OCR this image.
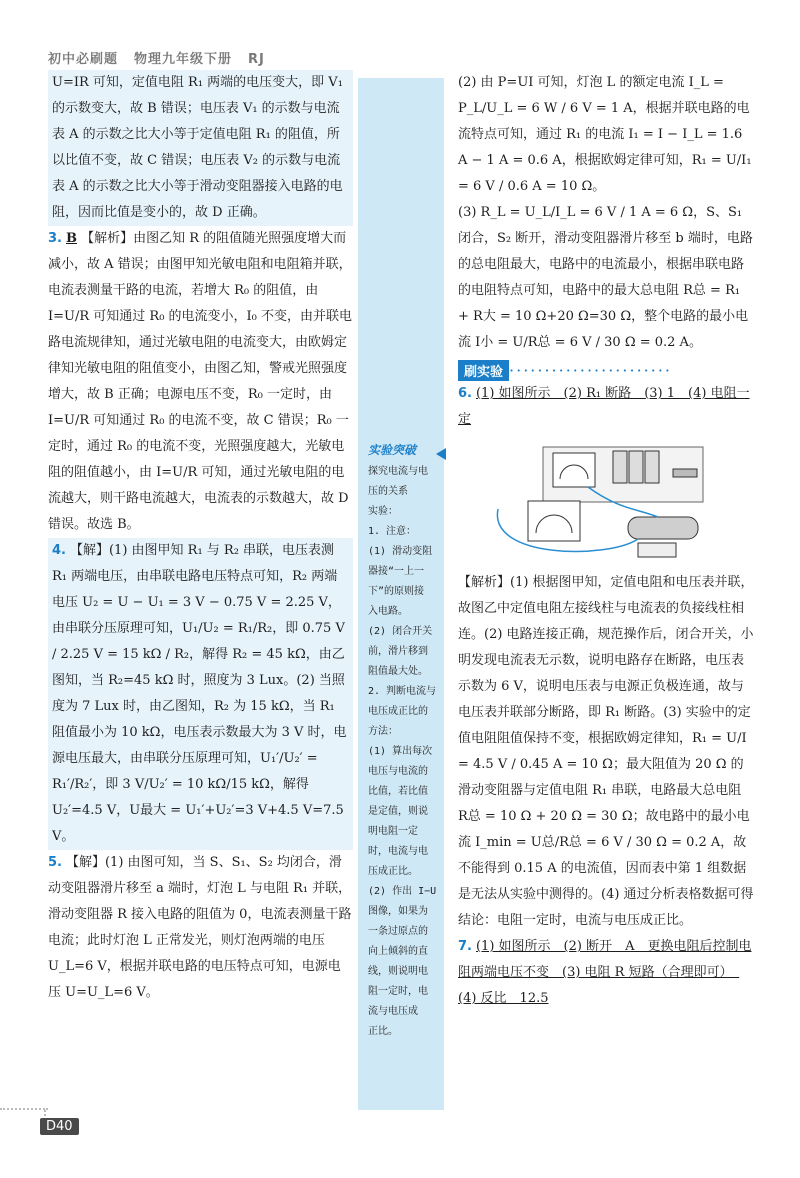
初中必刷题 物理九年级下册 RJ
实验突破
探究电流与电
压的关系
实验：
1. 注意：
(1) 滑动变阻
器接“一上一
下”的原则接
入电路。
(2) 闭合开关
前，滑片移到
阻值最大处。
2. 判断电流与
电压成正比的
方法：
(1) 算出每次
电压与电流的
比值，若比值
是定值，则说
明电阻一定
时，电流与电
压成正比。
(2) 作出 I−U
图像，如果为
一条过原点的
向上倾斜的直
线，则说明电
阻一定时，电
流与电压成
正比。

U=IR 可知，定值电阻 R₁ 两端的电压变大，即 V₁ 的示数变大，故 B 错误；电压表 V₁ 的示数与电流表 A 的示数之比大小等于定值电阻 R₁ 的阻值，所以比值不变，故 C 错误；电压表 V₂ 的示数与电流表 A 的示数之比大小等于滑动变阻器接入电路的电阻，因而比值是变小的，故 D 正确。

3. B 【解析】由图乙知 R 的阻值随光照强度增大而减小，故 A 错误；由图甲知光敏电阻和电阻箱并联，电流表测量干路的电流，若增大 R₀ 的阻值，由 I=U/R 可知通过 R₀ 的电流变小，I₀ 不变，由并联电路电流规律知，通过光敏电阻的电流变大，由欧姆定律知光敏电阻的阻值变小，由图乙知，警戒光照强度增大，故 B 正确；电源电压不变，R₀ 一定时，由 I=U/R 可知通过 R₀ 的电流不变，故 C 错误；R₀ 一定时，通过 R₀ 的电流不变，光照强度越大，光敏电阻的阻值越小，由 I=U/R 可知，通过光敏电阻的电流越大，则干路电流越大，电流表的示数越大，故 D 错误。故选 B。

4. 【解】(1) 由图甲知 R₁ 与 R₂ 串联，电压表测 R₁ 两端电压，由串联电路电压特点可知，R₂ 两端电压 U₂ = U − U₁ = 3 V − 0.75 V = 2.25 V，由串联分压原理可知，U₁/U₂ = R₁/R₂，即 0.75 V / 2.25 V = 15 kΩ / R₂，解得 R₂ = 45 kΩ，由乙图知，当 R₂=45 kΩ 时，照度为 3 Lux。(2) 当照度为 7 Lux 时，由乙图知，R₂ 为 15 kΩ，当 R₁ 阻值最小为 10 kΩ，电压表示数最大为 3 V 时，电源电压最大，由串联分压原理可知，U₁′/U₂′ = R₁′/R₂′，即 3 V/U₂′ = 10 kΩ/15 kΩ，解得 U₂′=4.5 V，U最大 = U₁′+U₂′=3 V+4.5 V=7.5 V。

5. 【解】(1) 由图可知，当 S、S₁、S₂ 均闭合，滑动变阻器滑片移至 a 端时，灯泡 L 与电阻 R₁ 并联，滑动变阻器 R 接入电路的阻值为 0，电流表测量干路电流；此时灯泡 L 正常发光，则灯泡两端的电压 U_L=6 V，根据并联电路的电压特点可知，电源电压 U=U_L=6 V。

(2) 由 P=UI 可知，灯泡 L 的额定电流 I_L = P_L/U_L = 6 W / 6 V = 1 A，根据并联电路的电流特点可知，通过 R₁ 的电流 I₁ = I − I_L = 1.6 A − 1 A = 0.6 A，根据欧姆定律可知，R₁ = U/I₁ = 6 V / 0.6 A = 10 Ω。

(3) R_L = U_L/I_L = 6 V / 1 A = 6 Ω，S、S₁ 闭合，S₂ 断开，滑动变阻器滑片移至 b 端时，电路的总电阻最大，电路中的电流最小，根据串联电路的电阻特点可知，电路中的最大总电阻 R总 = R₁ + R大 = 10 Ω+20 Ω=30 Ω，整个电路的最小电流 I小 = U/R总 = 6 V / 30 Ω = 0.2 A。

刷实验 ·······················

6. (1) 如图所示　(2) R₁ 断路　(3) 1　(4) 电阻一定

【解析】(1) 根据图甲知，定值电阻和电压表并联，故图乙中定值电阻左接线柱与电流表的负接线柱相连。(2) 电路连接正确，规范操作后，闭合开关，小明发现电流表无示数，说明电路存在断路，电压表示数为 6 V，说明电压表与电源正负极连通，故与电压表并联部分断路，即 R₁ 断路。(3) 实验中的定值电阻阻值保持不变，根据欧姆定律知，R₁ = U/I = 4.5 V / 0.45 A = 10 Ω；最大阻值为 20 Ω 的滑动变阻器与定值电阻 R₁ 串联，电路最大总电阻 R总 = 10 Ω + 20 Ω = 30 Ω；故电路中的最小电流 I_min = U总/R总 = 6 V / 30 Ω = 0.2 A，故不能得到 0.15 A 的电流值，因而表中第 1 组数据是无法从实验中测得的。(4) 通过分析表格数据可得结论：电阻一定时，电流与电压成正比。

7. (1) 如图所示　(2) 断开　A　更换电阻后控制电阻两端电压不变　(3) 电阻 R 短路（合理即可）　(4) 反比　12.5

D40
